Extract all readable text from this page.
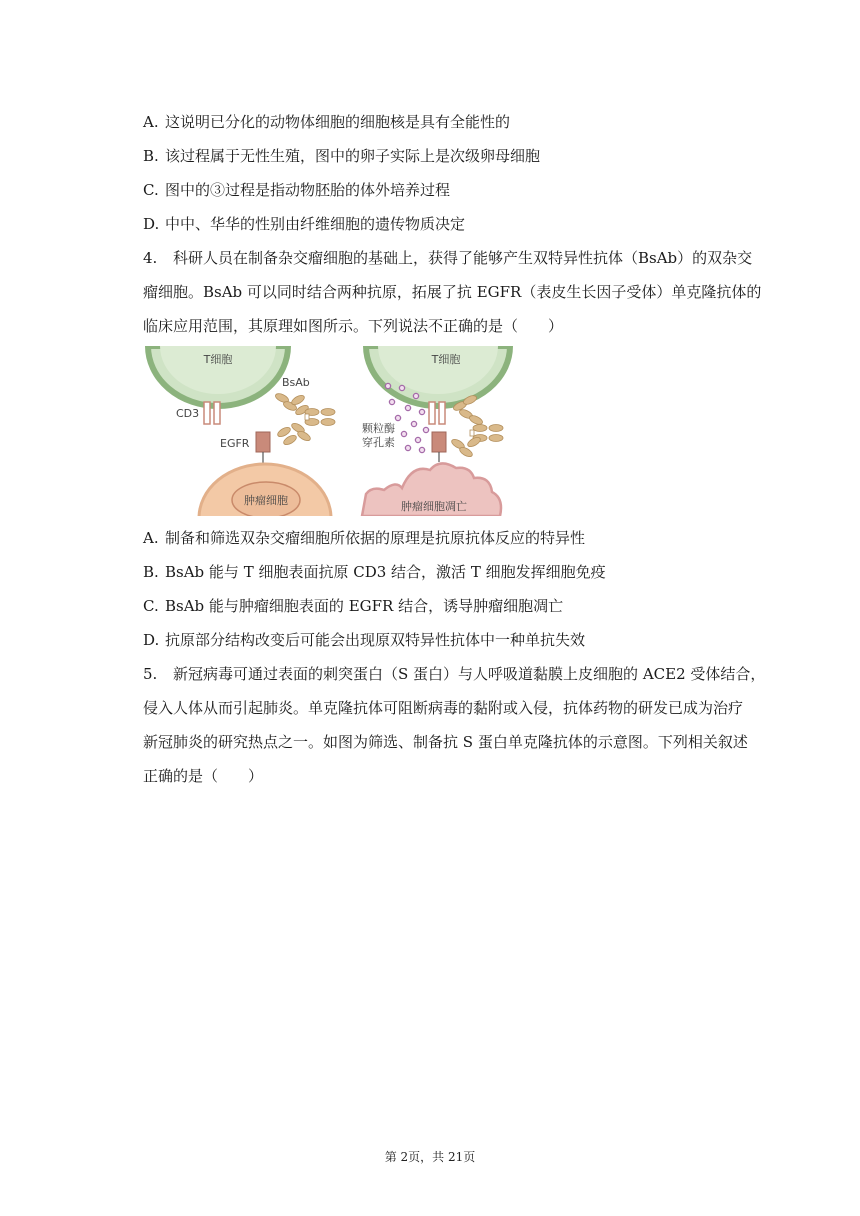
A. 这说明已分化的动物体细胞的细胞核是具有全能性的
B. 该过程属于无性生殖，图中的卵子实际上是次级卵母细胞
C. 图中的③过程是指动物胚胎的体外培养过程
D. 中中、华华的性别由纤维细胞的遗传物质决定
4. 科研人员在制备杂交瘤细胞的基础上，获得了能够产生双特异性抗体（BsAb）的双杂交
瘤细胞。BsAb 可以同时结合两种抗原，拓展了抗 EGFR（表皮生长因子受体）单克隆抗体的
临床应用范围，其原理如图所示。下列说法不正确的是（　　）
T细胞
CD3
BsAb
EGFR
肿瘤细胞
T细胞
颗粒酶
穿孔素
肿瘤细胞凋亡
A. 制备和筛选双杂交瘤细胞所依据的原理是抗原抗体反应的特异性
B. BsAb 能与 T 细胞表面抗原 CD3 结合，激活 T 细胞发挥细胞免疫
C. BsAb 能与肿瘤细胞表面的 EGFR 结合，诱导肿瘤细胞凋亡
D. 抗原部分结构改变后可能会出现原双特异性抗体中一种单抗失效
5. 新冠病毒可通过表面的刺突蛋白（S 蛋白）与人呼吸道黏膜上皮细胞的 ACE2 受体结合，
侵入人体从而引起肺炎。单克隆抗体可阻断病毒的黏附或入侵，抗体药物的研发已成为治疗
新冠肺炎的研究热点之一。如图为筛选、制备抗 S 蛋白单克隆抗体的示意图。下列相关叙述
正确的是（　　）
第 2页，共 21页
